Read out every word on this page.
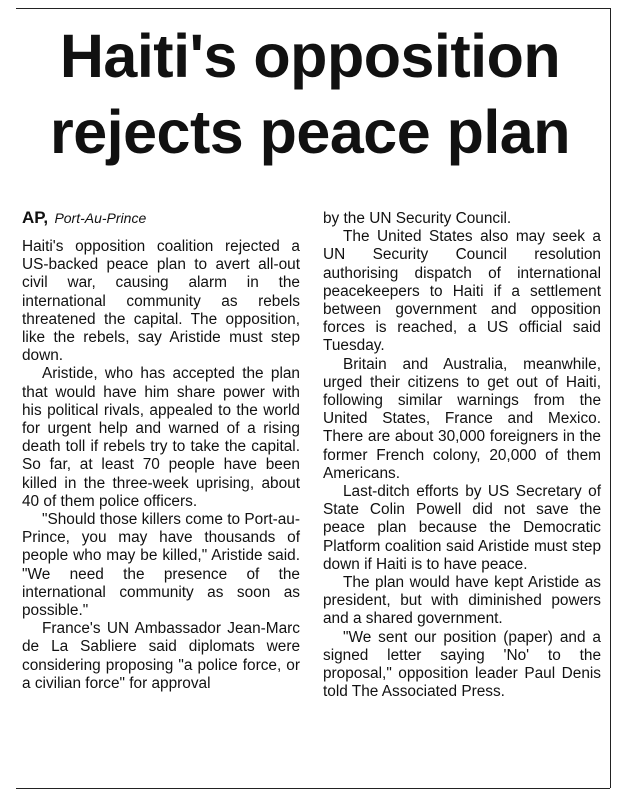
Haiti's opposition
rejects peace plan
AP, Port-Au-Prince

Haiti's opposition coalition rejected a US-backed peace plan to avert all-out civil war, causing alarm in the international community as rebels threatened the capital. The opposition, like the rebels, say Aristide must step down.

Aristide, who has accepted the plan that would have him share power with his political rivals, appealed to the world for urgent help and warned of a rising death toll if rebels try to take the capital. So far, at least 70 people have been killed in the three-week uprising, about 40 of them police officers.

"Should those killers come to Port-au-Prince, you may have thousands of people who may be killed," Aristide said. "We need the presence of the international community as soon as possible."

France's UN Ambassador Jean-Marc de La Sabliere said diplomats were considering proposing "a police force, or a civilian force" for approval

by the UN Security Council.

The United States also may seek a UN Security Council resolution authorising dispatch of international peacekeepers to Haiti if a settlement between government and opposition forces is reached, a US official said Tuesday.

Britain and Australia, meanwhile, urged their citizens to get out of Haiti, following similar warnings from the United States, France and Mexico. There are about 30,000 foreigners in the former French colony, 20,000 of them Americans.

Last-ditch efforts by US Secretary of State Colin Powell did not save the peace plan because the Democratic Platform coalition said Aristide must step down if Haiti is to have peace.

The plan would have kept Aristide as president, but with diminished powers and a shared government.

"We sent our position (paper) and a signed letter saying 'No' to the proposal," opposition leader Paul Denis told The Associated Press.
